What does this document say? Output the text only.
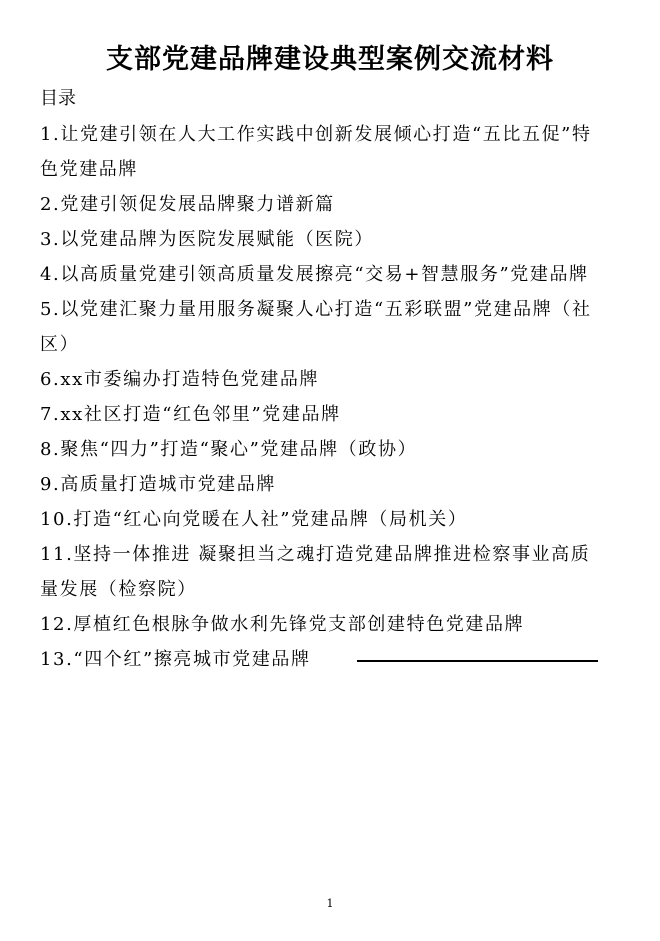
支部党建品牌建设典型案例交流材料
目录
1.让党建引领在人大工作实践中创新发展倾心打造“五比五促”特色党建品牌
2.党建引领促发展品牌聚力谱新篇
3.以党建品牌为医院发展赋能（医院）
4.以高质量党建引领高质量发展擦亮“交易+智慧服务”党建品牌
5.以党建汇聚力量用服务凝聚人心打造“五彩联盟”党建品牌（社区）
6.xx市委编办打造特色党建品牌
7.xx社区打造“红色邻里”党建品牌
8.聚焦“四力”打造“聚心”党建品牌（政协）
9.高质量打造城市党建品牌
10.打造“红心向党暖在人社”党建品牌（局机关）
11.坚持一体推进 凝聚担当之魂打造党建品牌推进检察事业高质量发展（检察院）
12.厚植红色根脉争做水利先锋党支部创建特色党建品牌
13.“四个红”擦亮城市党建品牌
1
